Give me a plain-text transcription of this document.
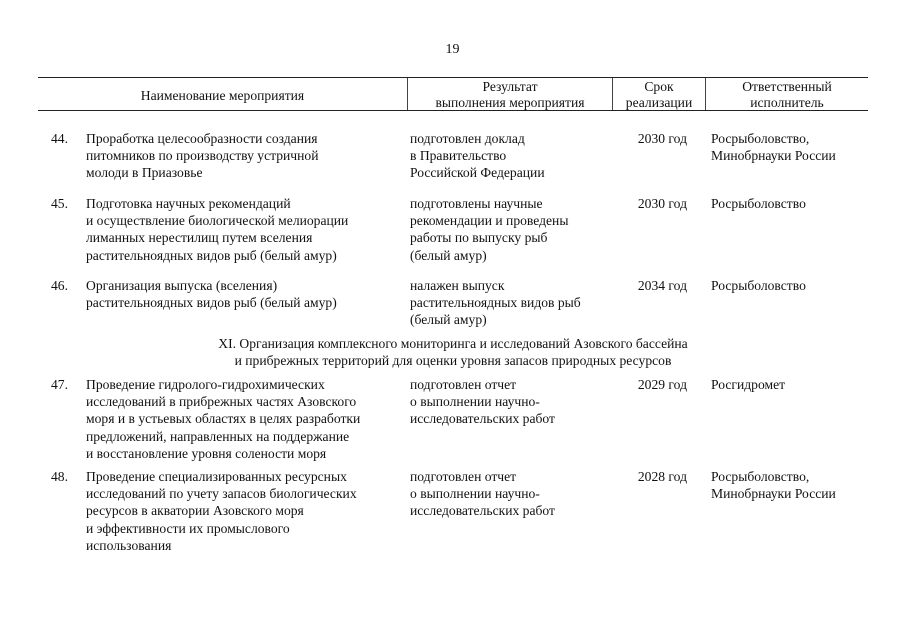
19
Наименование мероприятия
Результат
выполнения мероприятия
Срок
реализации
Ответственный
исполнитель
44. Проработка целесообразности создания
питомников по производству устричной
молоди в Приазовье
подготовлен доклад
в Правительство
Российской Федерации
2030 год Росрыболовство,
Минобрнауки России
45. Подготовка научных рекомендаций
и осуществление биологической мелиорации
лиманных нерестилищ путем вселения
растительноядных видов рыб (белый амур)
подготовлены научные
рекомендации и проведены
работы по выпуску рыб
(белый амур)
2030 год Росрыболовство
46. Организация выпуска (вселения)
растительноядных видов рыб (белый амур)
налажен выпуск
растительноядных видов рыб
(белый амур)
2034 год Росрыболовство
XI. Организация комплексного мониторинга и исследований Азовского бассейна
и прибрежных территорий для оценки уровня запасов природных ресурсов
47. Проведение гидролого-гидрохимических
исследований в прибрежных частях Азовского
моря и в устьевых областях в целях разработки
предложений, направленных на поддержание
и восстановление уровня солености моря
подготовлен отчет
о выполнении научно-
исследовательских работ
2029 год Росгидромет
48. Проведение специализированных ресурсных
исследований по учету запасов биологических
ресурсов в акватории Азовского моря
и эффективности их промыслового
использования
подготовлен отчет
о выполнении научно-
исследовательских работ
2028 год Росрыболовство,
Минобрнауки России
